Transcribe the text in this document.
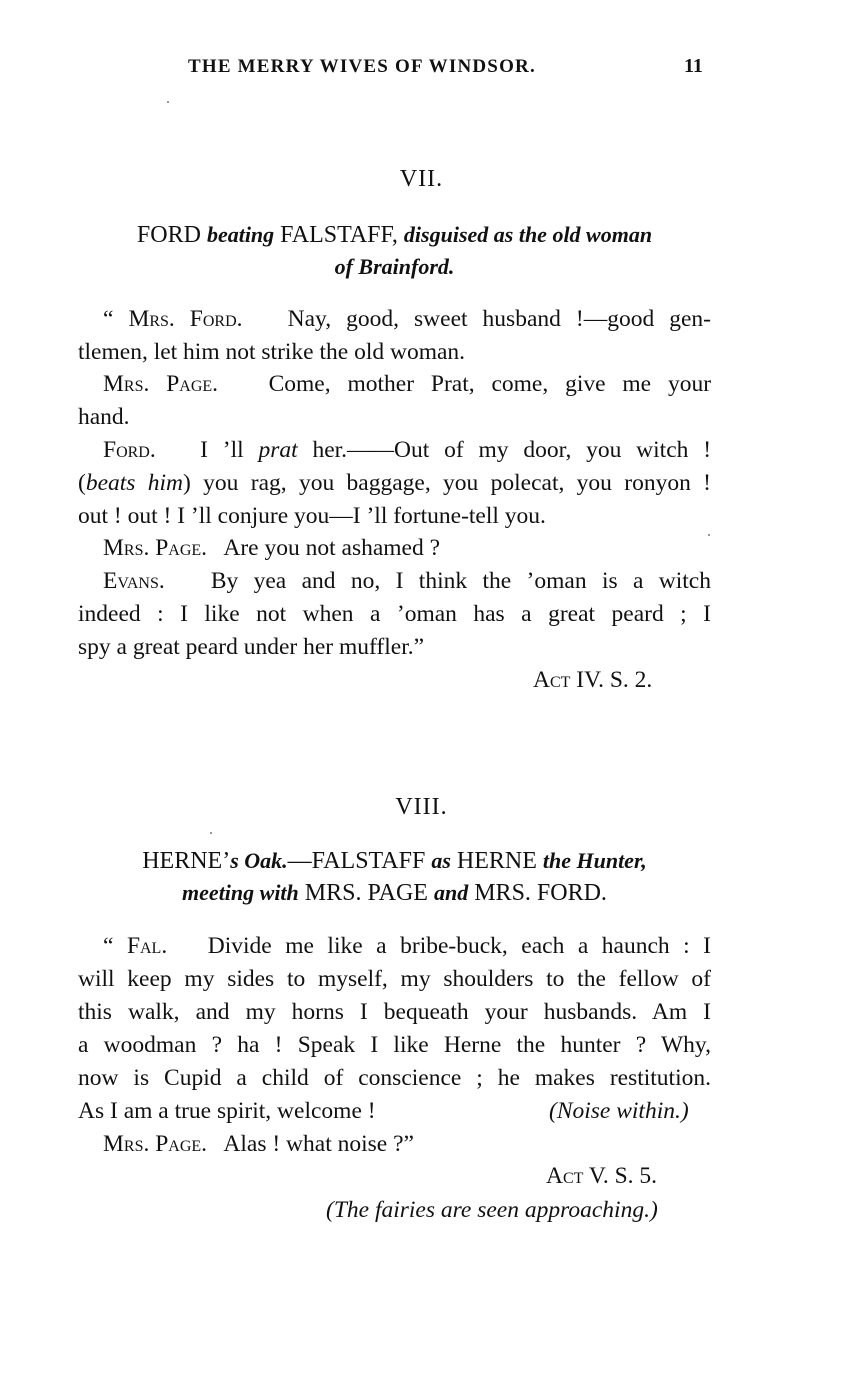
THE MERRY WIVES OF WINDSOR.	11
VII.
FORD beating FALSTAFF, disguised as the old woman
of Brainford.
“ Mrs. Ford. Nay, good, sweet husband !—good gen-
tlemen, let him not strike the old woman.
Mrs. Page. Come, mother Prat, come, give me your
hand.
Ford. I ’ll prat her.——Out of my door, you witch !
(beats him) you rag, you baggage, you polecat, you ronyon !
out ! out ! I ’ll conjure you—I ’ll fortune-tell you.
Mrs. Page. Are you not ashamed ?
Evans. By yea and no, I think the ’oman is a witch
indeed : I like not when a ’oman has a great peard ; I
spy a great peard under her muffler.”
Act IV. S. 2.
VIII.
HERNE’s Oak.—FALSTAFF as HERNE the Hunter,
meeting with MRS. PAGE and MRS. FORD.
“ Fal. Divide me like a bribe-buck, each a haunch : I
will keep my sides to myself, my shoulders to the fellow of
this walk, and my horns I bequeath your husbands. Am I
a woodman ? ha ! Speak I like Herne the hunter ? Why,
now is Cupid a child of conscience ; he makes restitution.
As I am a true spirit, welcome !	(Noise within.)
Mrs. Page. Alas ! what noise ?”
Act V. S. 5.
(The fairies are seen approaching.)
